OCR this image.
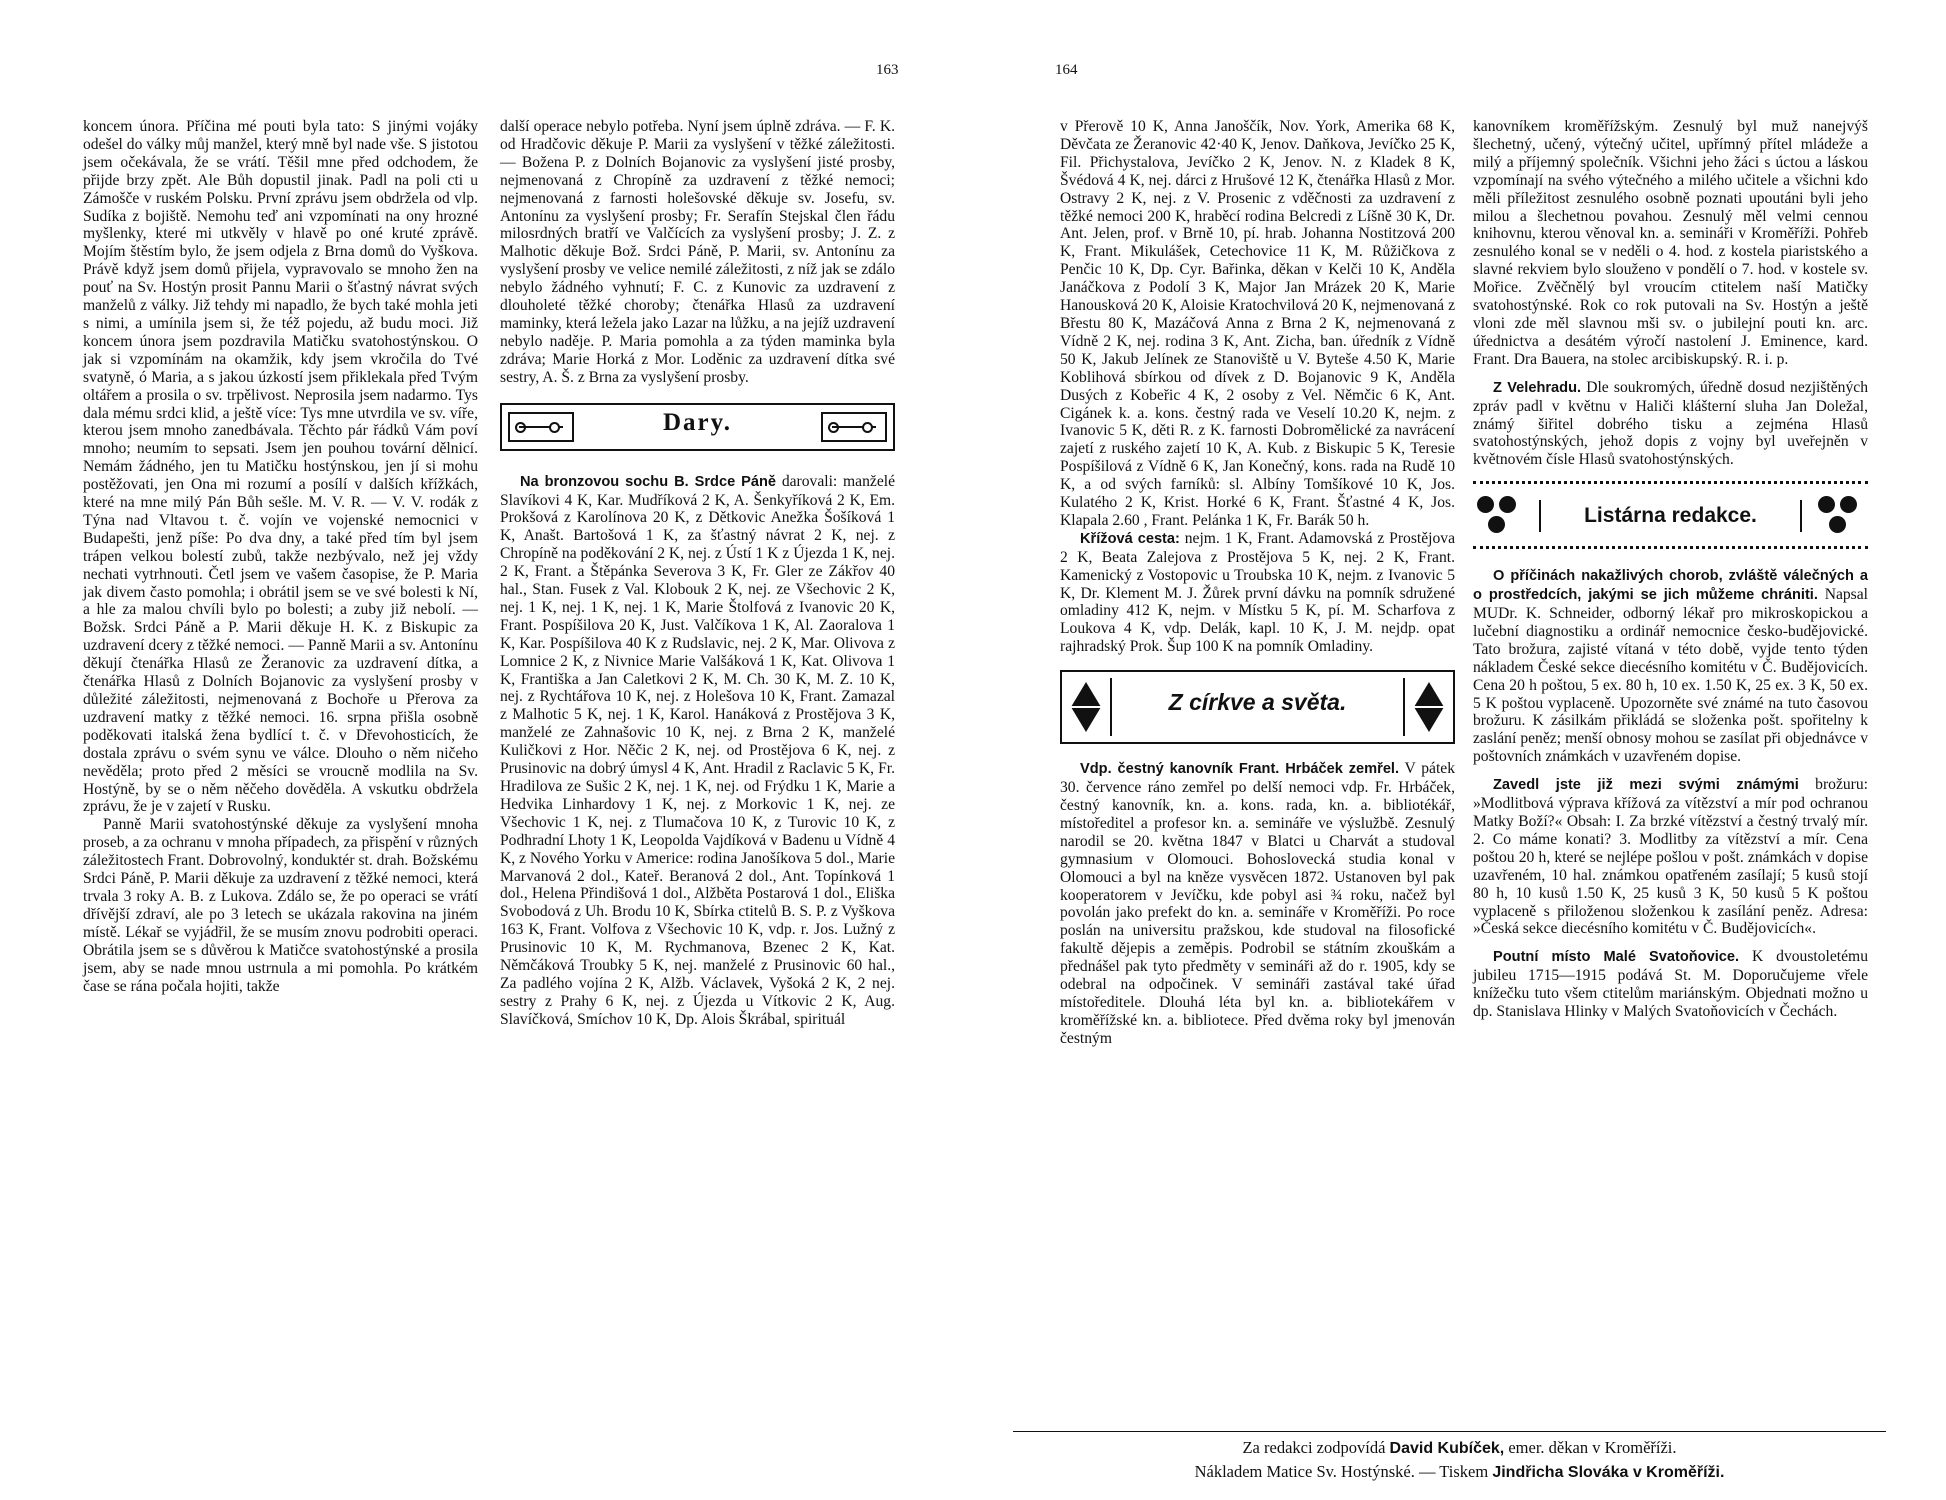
163

koncem února. Příčina mé pouti byla tato: S jinými vojáky odešel do války můj manžel, který mně byl nade vše. S jistotou jsem očekávala, že se vrátí. Těšil mne před odchodem, že přijde brzy zpět. Ale Bůh dopustil jinak. Padl na poli cti u Zámošče v ruském Polsku. První zprávu jsem obdržela od vlp. Sudíka z bojiště. Nemohu teď ani vzpomínati na ony hrozné myšlenky, které mi utkvěly v hlavě po oné kruté zprávě. Mojím štěstím bylo, že jsem odjela z Brna domů do Vyškova. Právě když jsem domů přijela, vypravovalo se mnoho žen na pouť na Sv. Hostýn prosit Pannu Marii o šťastný návrat svých manželů z války. Již tehdy mi napadlo, že bych také mohla jeti s nimi, a umínila jsem si, že též pojedu, až budu moci. Již koncem února jsem pozdravila Matičku svatohostýnskou. O jak si vzpomínám na okamžik, kdy jsem vkročila do Tvé svatyně, ó Maria, a s jakou úzkostí jsem přiklekala před Tvým oltářem a prosila o sv. trpělivost. Neprosila jsem nadarmo. Tys dala mému srdci klid, a ještě více: Tys mne utvrdila ve sv. víře, kterou jsem mnoho zanedbávala. Těchto pár řádků Vám poví mnoho; neumím to sepsati. Jsem jen pouhou tovární dělnicí. Nemám žádného, jen tu Matičku hostýnskou, jen jí si mohu postěžovati, jen Ona mi rozumí a posílí v dalších křížkách, které na mne milý Pán Bůh sešle. M. V. R. — V. V. rodák z Týna nad Vltavou t. č. vojín ve vojenské nemocnici v Budapešti, jenž píše: Po dva dny, a také před tím byl jsem trápen velkou bolestí zubů, takže nezbývalo, než jej vždy nechati vytrhnouti. Četl jsem ve vašem časopise, že P. Maria jak divem často pomohla; i obrátil jsem se ve své bolesti k Ní, a hle za malou chvíli bylo po bolesti; a zuby již nebolí. — Božsk. Srdci Páně a P. Marii děkuje H. K. z Biskupic za uzdravení dcery z těžké nemoci. — Panně Marii a sv. Antonínu děkují čtenářka Hlasů ze Žeranovic za uzdravení dítka, a čtenářka Hlasů z Dolních Bojanovic za vyslyšení prosby v důležité záležitosti, nejmenovaná z Bochoře u Přerova za uzdravení matky z těžké nemoci. 16. srpna přišla osobně poděkovati italská žena bydlící t. č. v Dřevohosticích, že dostala zprávu o svém synu ve válce. Dlouho o něm ničeho nevěděla; proto před 2 měsíci se vroucně modlila na Sv. Hostýně, by se o něm něčeho dověděla. A vskutku obdržela zprávu, že je v zajetí v Rusku.

Panně Marii svatohostýnské děkuje za vyslyšení mnoha proseb, a za ochranu v mnoha případech, za přispění v různých záležitostech Frant. Dobrovolný, konduktér st. drah. Božskému Srdci Páně, P. Marii děkuje za uzdravení z těžké nemoci, která trvala 3 roky A. B. z Lukova. Zdálo se, že po operaci se vrátí dřívější zdraví, ale po 3 letech se ukázala rakovina na jiném místě. Lékař se vyjádřil, že se musím znovu podrobiti operaci. Obrátila jsem se s důvěrou k Matičce svatohostýnské a prosila jsem, aby se nade mnou ustrnula a mi pomohla. Po krátkém čase se rána počala hojiti, takže

další operace nebylo potřeba. Nyní jsem úplně zdráva. — F. K. od Hradčovic děkuje P. Marii za vyslyšení v těžké záležitosti. — Božena P. z Dolních Bojanovic za vyslyšení jisté prosby, nejmenovaná z Chropíně za uzdravení z těžké nemoci; nejmenovaná z farnosti holešovské děkuje sv. Josefu, sv. Antonínu za vyslyšení prosby; Fr. Serafín Stejskal člen řádu milosrdných bratří ve Valčících za vyslyšení prosby; J. Z. z Malhotic děkuje Bož. Srdci Páně, P. Marii, sv. Antonínu za vyslyšení prosby ve velice nemilé záležitosti, z níž jak se zdálo nebylo žádného vyhnutí; F. C. z Kunovic za uzdravení z dlouholeté těžké choroby; čtenářka Hlasů za uzdravení maminky, která ležela jako Lazar na lůžku, a na jejíž uzdravení nebylo naděje. P. Maria pomohla a za týden maminka byla zdráva; Marie Horká z Mor. Loděnic za uzdravení dítka své sestry, A. Š. z Brna za vyslyšení prosby.

Dary.

Na bronzovou sochu B. Srdce Páně darovali: manželé Slavíkovi 4 K, Kar. Mudříková 2 K, A. Šenkyříková 2 K, Em. Prokšová z Karolínova 20 K, z Dětkovic Anežka Šošíková 1 K, Anašt. Bartošová 1 K, za šťastný návrat 2 K, nej. z Chropíně na poděkování 2 K, nej. z Ústí 1 K z Újezda 1 K, nej. 2 K, Frant. a Štěpánka Severova 3 K, Fr. Gler ze Zákřov 40 hal., Stan. Fusek z Val. Klobouk 2 K, nej. ze Všechovic 2 K, nej. 1 K, nej. 1 K, nej. 1 K, Marie Štolfová z Ivanovic 20 K, Frant. Pospíšilova 20 K, Just. Valčíkova 1 K, Al. Zaoralova 1 K, Kar. Pospíšilova 40 K z Rudslavic, nej. 2 K, Mar. Olivova z Lomnice 2 K, z Nivnice Marie Valšáková 1 K, Kat. Olivova 1 K, Františka a Jan Caletkovi 2 K, M. Ch. 30 K, M. Z. 10 K, nej. z Rychtářova 10 K, nej. z Holešova 10 K, Frant. Zamazal z Malhotic 5 K, nej. 1 K, Karol. Hanáková z Prostějova 3 K, manželé ze Zahnašovic 10 K, nej. z Brna 2 K, manželé Kuličkovi z Hor. Něčic 2 K, nej. od Prostějova 6 K, nej. z Prusinovic na dobrý úmysl 4 K, Ant. Hradil z Raclavic 5 K, Fr. Hradilova ze Sušic 2 K, nej. 1 K, nej. od Frýdku 1 K, Marie a Hedvika Linhardovy 1 K, nej. z Morkovic 1 K, nej. ze Všechovic 1 K, nej. z Tlumačova 10 K, z Turovic 10 K, z Podhradní Lhoty 1 K, Leopolda Vajdíková v Badenu u Vídně 4 K, z Nového Yorku v Americe: rodina Janošíkova 5 dol., Marie Marvanová 2 dol., Kateř. Beranová 2 dol., Ant. Topínková 1 dol., Helena Přindišová 1 dol., Alžběta Postarová 1 dol., Eliška Svobodová z Uh. Brodu 10 K, Sbírka ctitelů B. S. P. z Vyškova 163 K, Frant. Volfova z Všechovic 10 K, vdp. r. Jos. Lužný z Prusinovic 10 K, M. Rychmanova, Bzenec 2 K, Kat. Němčáková Troubky 5 K, nej. manželé z Prusinovic 60 hal., Za padlého vojína 2 K, Alžb. Václavek, Vyšoká 2 K, 2 nej. sestry z Prahy 6 K, nej. z Újezda u Vítkovic 2 K, Aug. Slavíčková, Smíchov 10 K, Dp. Alois Škrábal, spirituál

164

v Přerově 10 K, Anna Janoščík, Nov. York, Amerika 68 K, Děvčata ze Žeranovic 42·40 K, Jenov. Daňkova, Jevíčko 25 K, Fil. Přichystalova, Jevíčko 2 K, Jenov. N. z Kladek 8 K, Švédová 4 K, nej. dárci z Hrušové 12 K, čtenářka Hlasů z Mor. Ostravy 2 K, nej. z V. Prosenic z vděčnosti za uzdravení z těžké nemoci 200 K, hraběcí rodina Belcredi z Líšně 30 K, Dr. Ant. Jelen, prof. v Brně 10, pí. hrab. Johanna Nostitzová 200 K, Frant. Mikulášek, Cetechovice 11 K, M. Růžičkova z Penčic 10 K, Dp. Cyr. Bařinka, děkan v Kelči 10 K, Anděla Janáčkova z Podolí 3 K, Major Jan Mrázek 20 K, Marie Hanousková 20 K, Aloisie Kratochvilová 20 K, nejmenovaná z Břestu 80 K, Mazáčová Anna z Brna 2 K, nejmenovaná z Vídně 2 K, nej. rodina 3 K, Ant. Zicha, ban. úředník z Vídně 50 K, Jakub Jelínek ze Stanoviště u V. Byteše 4.50 K, Marie Koblihová sbírkou od dívek z D. Bojanovic 9 K, Anděla Dusých z Kobeřic 4 K, 2 osoby z Vel. Němčic 6 K, Ant. Cigánek k. a. kons. čestný rada ve Veselí 10.20 K, nejm. z Ivanovic 5 K, děti R. z K. farnosti Dobromělické za navrácení zajetí z ruského zajetí 10 K, A. Kub. z Biskupic 5 K, Teresie Pospíšilová z Vídně 6 K, Jan Konečný, kons. rada na Rudě 10 K, a od svých farníků: sl. Albíny Tomšíkové 10 K, Jos. Kulatého 2 K, Krist. Horké 6 K, Frant. Šťastné 4 K, Jos. Klapala 2.60 , Frant. Pelánka 1 K, Fr. Barák 50 h.

Křížová cesta: nejm. 1 K, Frant. Adamovská z Prostějova 2 K, Beata Zalejova z Prostějova 5 K, nej. 2 K, Frant. Kamenický z Vostopovic u Troubska 10 K, nejm. z Ivanovic 5 K, Dr. Klement M. J. Žůrek první dávku na pomník sdružené omladiny 412 K, nejm. v Místku 5 K, pí. M. Scharfova z Loukova 4 K, vdp. Delák, kapl. 10 K, J. M. nejdp. opat rajhradský Prok. Šup 100 K na pomník Omladiny.

Z církve a světa.

Vdp. čestný kanovník Frant. Hrbáček zemřel. V pátek 30. července ráno zemřel po delší nemoci vdp. Fr. Hrbáček, čestný kanovník, kn. a. kons. rada, kn. a. bibliotékář, místoředitel a profesor kn. a. semináře ve výslužbě. Zesnulý narodil se 20. května 1847 v Blatci u Charvát a studoval gymnasium v Olomouci. Bohoslovecká studia konal v Olomouci a byl na kněze vysvěcen 1872. Ustanoven byl pak kooperatorem v Jevíčku, kde pobyl asi ¾ roku, načež byl povolán jako prefekt do kn. a. semináře v Kroměříži. Po roce poslán na universitu pražskou, kde studoval na filosofické fakultě dějepis a zeměpis. Podrobil se státním zkouškám a přednášel pak tyto předměty v semináři až do r. 1905, kdy se odebral na odpočinek. V semináři zastával také úřad místoředitele. Dlouhá léta byl kn. a. bibliotekářem v kroměřížské kn. a. bibliotece. Před dvěma roky byl jmenován čestným

kanovníkem kroměřížským. Zesnulý byl muž nanejvýš šlechetný, učený, výtečný učitel, upřímný přítel mládeže a milý a příjemný společník. Všichni jeho žáci s úctou a láskou vzpomínají na svého výtečného a milého učitele a všichni kdo měli příležitost zesnulého osobně poznati upoutáni byli jeho milou a šlechetnou povahou. Zesnulý měl velmi cennou knihovnu, kterou věnoval kn. a. semináři v Kroměříži. Pohřeb zesnulého konal se v neděli o 4. hod. z kostela piaristského a slavné rekviem bylo slouženo v pondělí o 7. hod. v kostele sv. Mořice. Zvěčnělý byl vroucím ctitelem naší Matičky svatohostýnské. Rok co rok putovali na Sv. Hostýn a ještě vloni zde měl slavnou mši sv. o jubilejní pouti kn. arc. úřednictva a desátém výročí nastolení J. Eminence, kard. Frant. Dra Bauera, na stolec arcibiskupský. R. i. p.

Z Velehradu. Dle soukromých, úředně dosud nezjištěných zpráv padl v květnu v Haliči klášterní sluha Jan Doležal, známý šiřitel dobrého tisku a zejména Hlasů svatohostýnských, jehož dopis z vojny byl uveřejněn v květnovém čísle Hlasů svatohostýnských.

Listárna redakce.

O příčinách nakažlivých chorob, zvláště válečných a o prostředcích, jakými se jich můžeme chrániti. Napsal MUDr. K. Schneider, odborný lékař pro mikroskopickou a lučební diagnostiku a ordinář nemocnice česko-budějovické. Tato brožura, zajisté vítaná v této době, vyjde tento týden nákladem České sekce diecésního komitétu v Č. Budějovicích. Cena 20 h poštou, 5 ex. 80 h, 10 ex. 1.50 K, 25 ex. 3 K, 50 ex. 5 K poštou vyplaceně. Upozorněte své známé na tuto časovou brožuru. K zásilkám přikládá se složenka pošt. spořitelny k zaslání peněz; menší obnosy mohou se zasílat při objednávce v poštovních známkách v uzavřeném dopise.

Zavedl jste již mezi svými známými brožuru: »Modlitbová výprava křížová za vítězství a mír pod ochranou Matky Boží?« Obsah: I. Za brzké vítězství a čestný trvalý mír. 2. Co máme konati? 3. Modlitby za vítězství a mír. Cena poštou 20 h, které se nejlépe pošlou v pošt. známkách v dopise uzavřeném, 10 hal. známkou opatřeném zasílají; 5 kusů stojí 80 h, 10 kusů 1.50 K, 25 kusů 3 K, 50 kusů 5 K poštou vyplaceně s přiloženou složenkou k zasílání peněz. Adresa: »Česká sekce diecésního komitétu v Č. Budějovicích«.

Poutní místo Malé Svatoňovice. K dvoustoletému jubileu 1715—1915 podává St. M. Doporučujeme vřele knížečku tuto všem ctitelům mariánským. Objednati možno u dp. Stanislava Hlinky v Malých Svatoňovicích v Čechách.

Za redakci zodpovídá David Kubíček, emer. děkan v Kroměříži.
Nákladem Matice Sv. Hostýnské. — Tiskem Jindřicha Slováka v Kroměříži.
